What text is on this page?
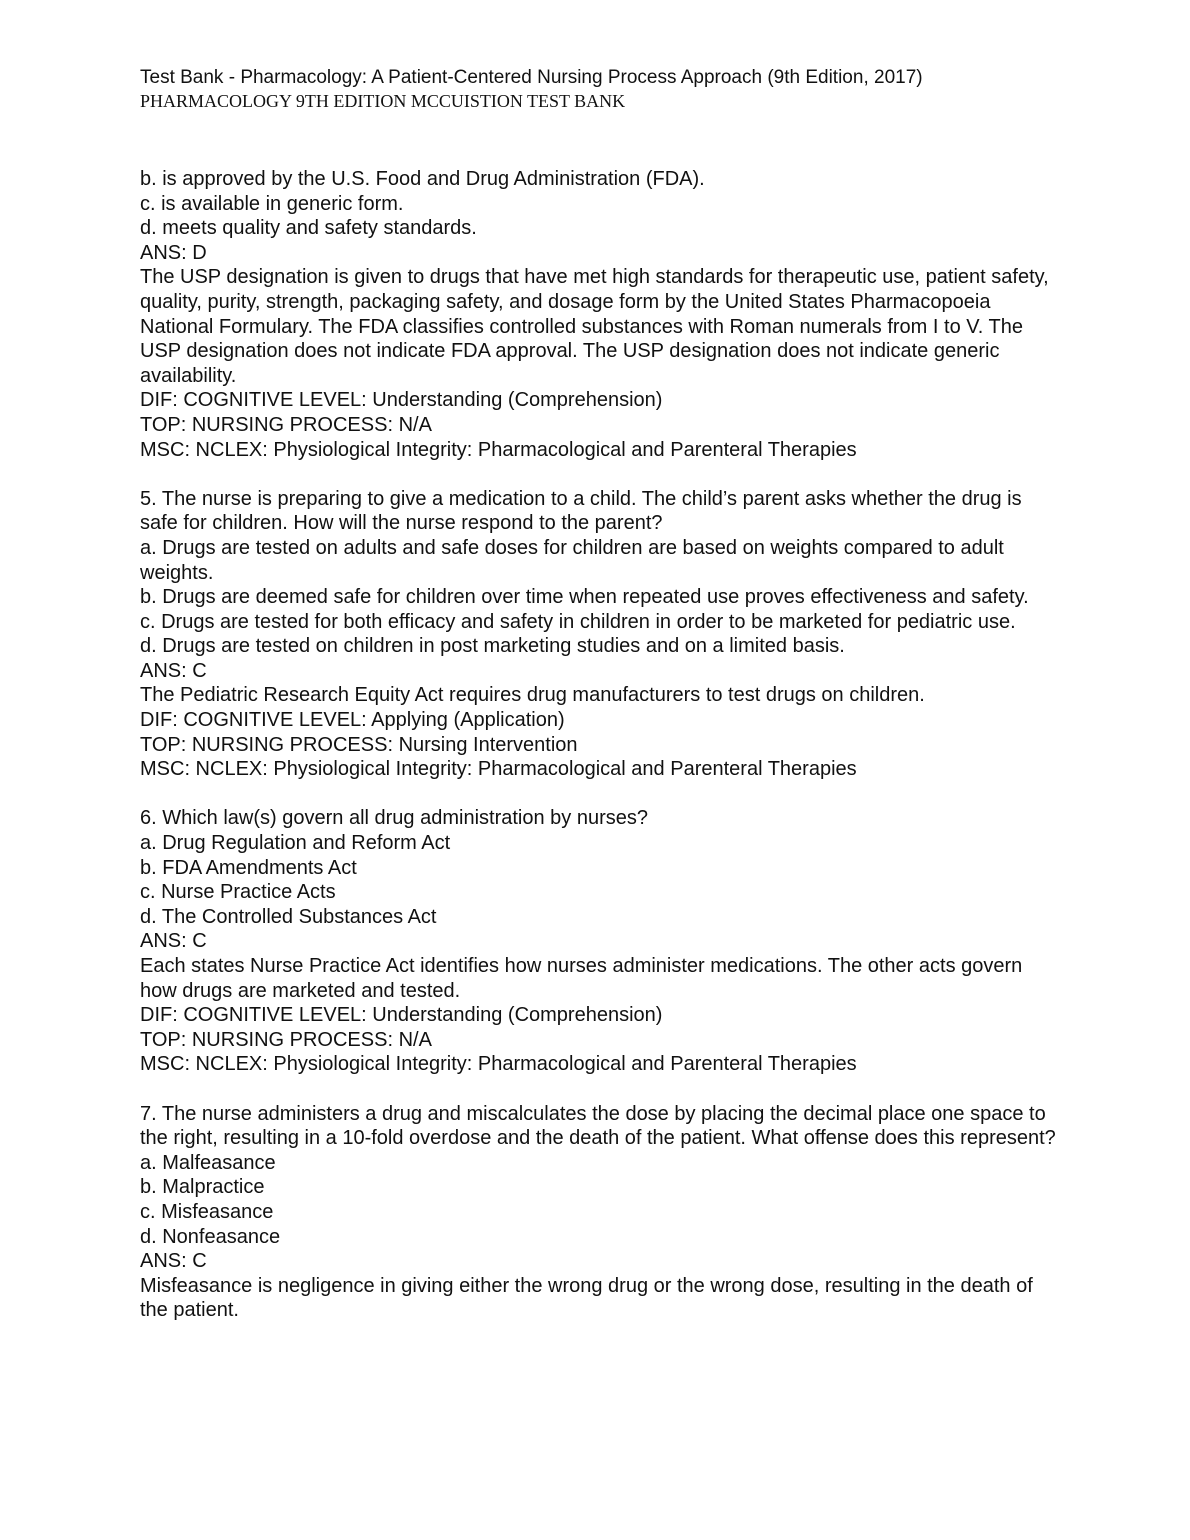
Test Bank - Pharmacology: A Patient-Centered Nursing Process Approach (9th Edition, 2017)
PHARMACOLOGY 9TH EDITION MCCUISTION TEST BANK
b. is approved by the U.S. Food and Drug Administration (FDA).
c. is available in generic form.
d. meets quality and safety standards.
ANS: D
The USP designation is given to drugs that have met high standards for therapeutic use, patient safety, quality, purity, strength, packaging safety, and dosage form by the United States Pharmacopoeia National Formulary. The FDA classifies controlled substances with Roman numerals from I to V. The USP designation does not indicate FDA approval. The USP designation does not indicate generic availability.
DIF: COGNITIVE LEVEL: Understanding (Comprehension)
TOP: NURSING PROCESS: N/A
MSC: NCLEX: Physiological Integrity: Pharmacological and Parenteral Therapies
5. The nurse is preparing to give a medication to a child. The child’s parent asks whether the drug is safe for children. How will the nurse respond to the parent?
a. Drugs are tested on adults and safe doses for children are based on weights compared to adult weights.
b. Drugs are deemed safe for children over time when repeated use proves effectiveness and safety.
c. Drugs are tested for both efficacy and safety in children in order to be marketed for pediatric use.
d. Drugs are tested on children in post marketing studies and on a limited basis.
ANS: C
The Pediatric Research Equity Act requires drug manufacturers to test drugs on children.
DIF: COGNITIVE LEVEL: Applying (Application)
TOP: NURSING PROCESS: Nursing Intervention
MSC: NCLEX: Physiological Integrity: Pharmacological and Parenteral Therapies
6. Which law(s) govern all drug administration by nurses?
a. Drug Regulation and Reform Act
b. FDA Amendments Act
c. Nurse Practice Acts
d. The Controlled Substances Act
ANS: C
Each states Nurse Practice Act identifies how nurses administer medications. The other acts govern how drugs are marketed and tested.
DIF: COGNITIVE LEVEL: Understanding (Comprehension)
TOP: NURSING PROCESS: N/A
MSC: NCLEX: Physiological Integrity: Pharmacological and Parenteral Therapies
7. The nurse administers a drug and miscalculates the dose by placing the decimal place one space to the right, resulting in a 10-fold overdose and the death of the patient. What offense does this represent?
a. Malfeasance
b. Malpractice
c. Misfeasance
d. Nonfeasance
ANS: C
Misfeasance is negligence in giving either the wrong drug or the wrong dose, resulting in the death of the patient.
